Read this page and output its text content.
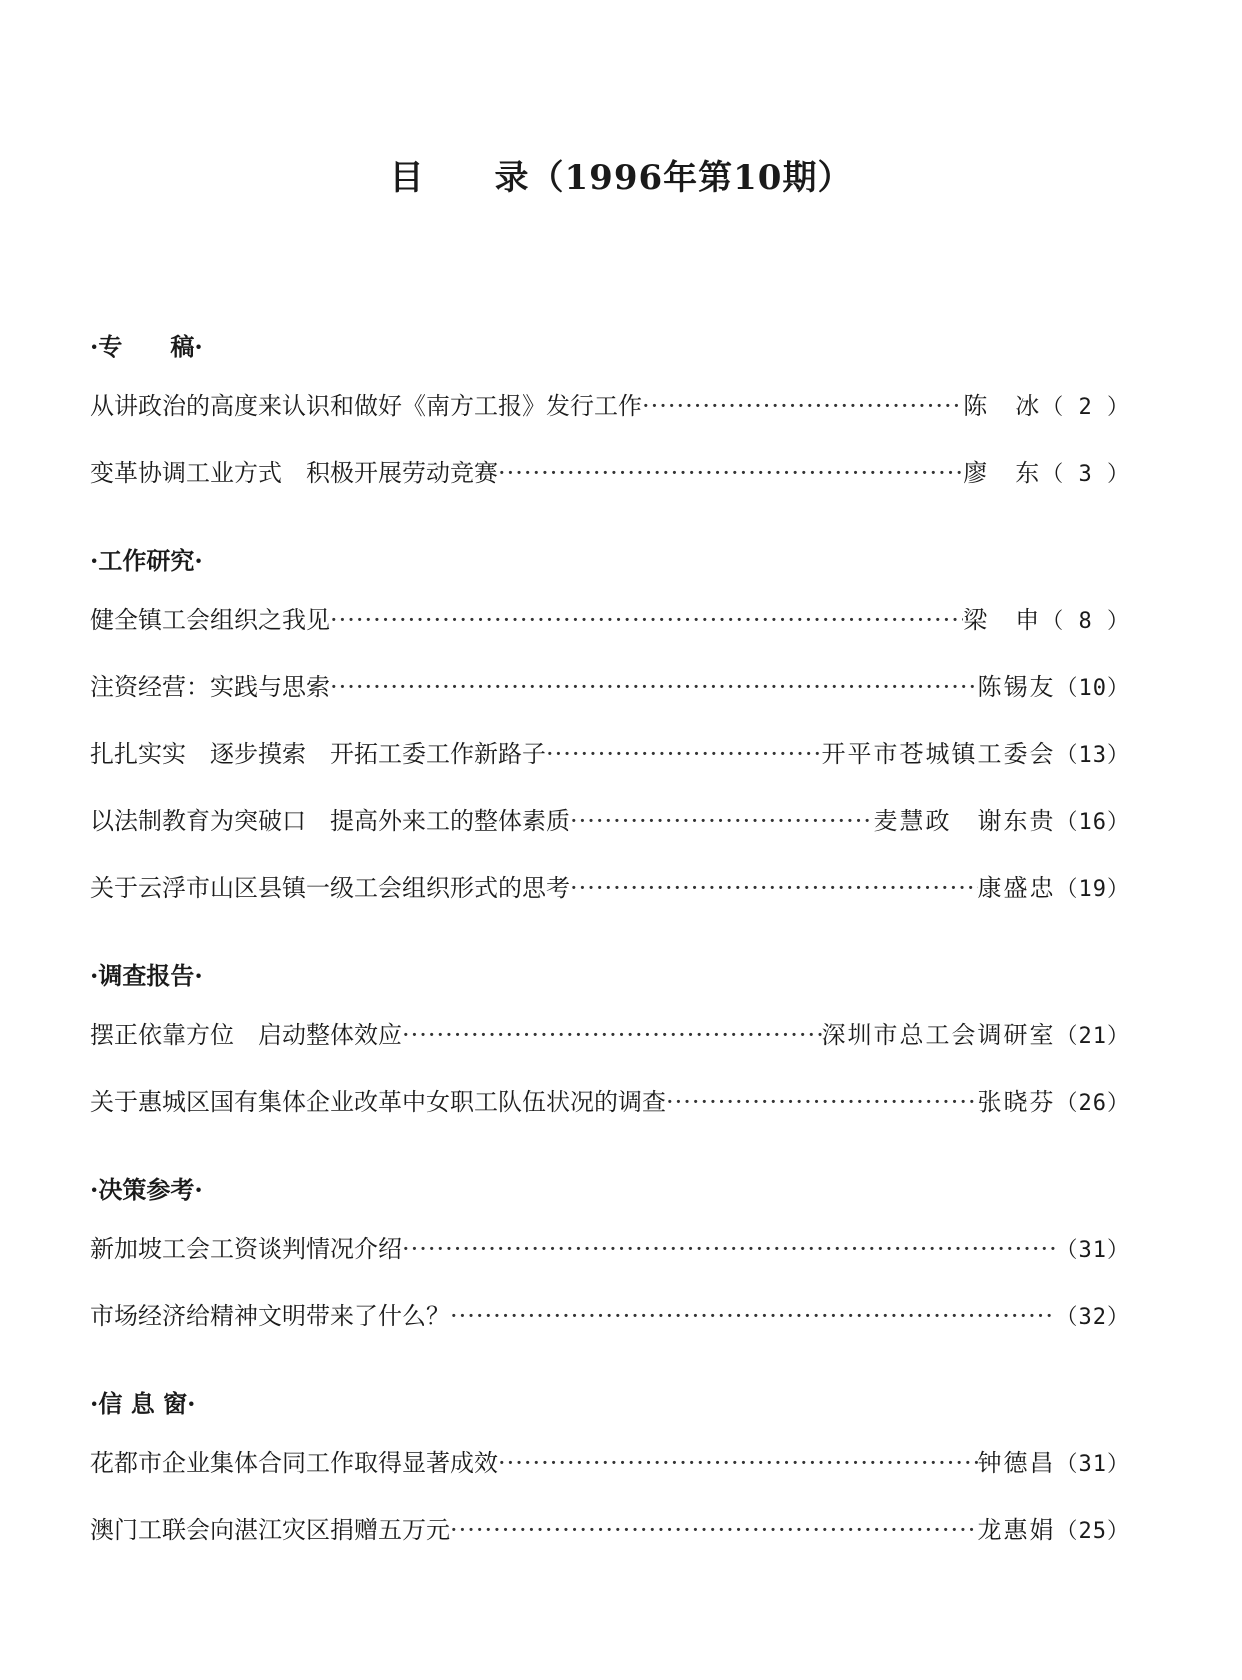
目　　录（1996年第10期）
·专　　稿·
从讲政治的高度来认识和做好《南方工报》发行工作 ·····	陈　冰 （ 2 ）
变革协调工业方式　积极开展劳动竞赛 ·····	廖　东 （ 3 ）
·工作研究·
健全镇工会组织之我见 ·····	梁　申 （ 8 ）
注资经营：实践与思索 ·····	陈锡友 （10）
扎扎实实　逐步摸索　开拓工委工作新路子 ·····	开平市苍城镇工委会 （13）
以法制教育为突破口　提高外来工的整体素质 ·····	麦慧政　谢东贵 （16）
关于云浮市山区县镇一级工会组织形式的思考 ·····	康盛忠 （19）
·调查报告·
摆正依靠方位　启动整体效应 ·····	深圳市总工会调研室 （21）
关于惠城区国有集体企业改革中女职工队伍状况的调查 ·····	张晓芬 （26）
·决策参考·
新加坡工会工资谈判情况介绍 ·····	（31）
市场经济给精神文明带来了什么？ ·····	（32）
·信 息 窗·
花都市企业集体合同工作取得显著成效 ·····	钟德昌 （31）
澳门工联会向湛江灾区捐赠五万元 ·····	龙惠娟 （25）
